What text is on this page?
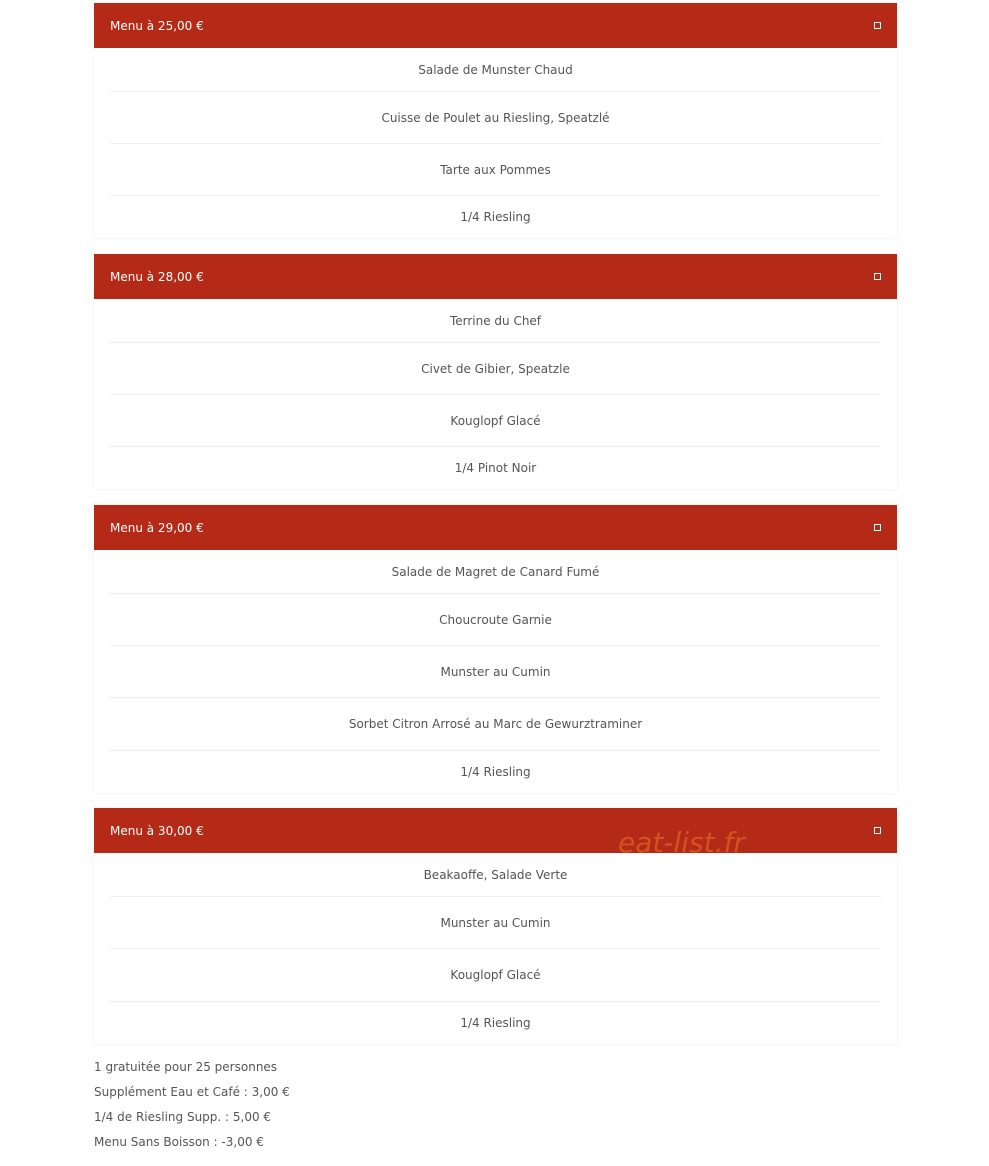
Menu à 25,00 €
Salade de Munster Chaud
Cuisse de Poulet au Riesling, Speatzlé
Tarte aux Pommes
1/4 Riesling
Menu à 28,00 €
Terrine du Chef
Civet de Gibier, Speatzle
Kouglopf Glacé
1/4 Pinot Noir
Menu à 29,00 €
Salade de Magret de Canard Fumé
Choucroute Garnie
Munster au Cumin
Sorbet Citron Arrosé au Marc de Gewurztraminer
1/4 Riesling
Menu à 30,00 €
Beakaoffe, Salade Verte
Munster au Cumin
Kouglopf Glacé
1/4 Riesling
eat-list.fr
1 gratuitée pour 25 personnes
Supplément Eau et Café : 3,00 €
1/4 de Riesling Supp. : 5,00 €
Menu Sans Boisson : -3,00 €
